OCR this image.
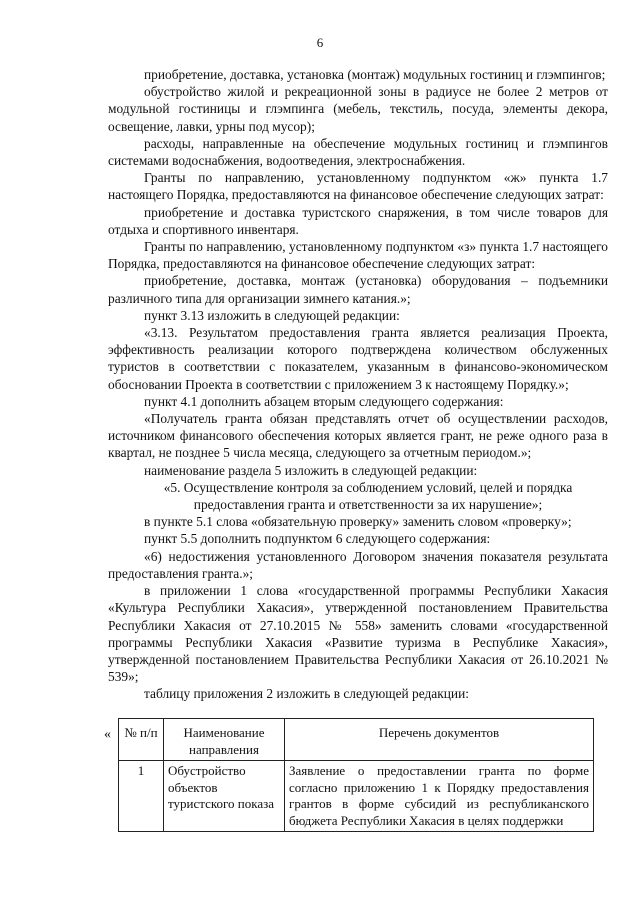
6

приобретение, доставка, установка (монтаж) модульных гостиниц и глэмпингов;

обустройство жилой и рекреационной зоны в радиусе не более 2 метров от модульной гостиницы и глэмпинга (мебель, текстиль, посуда, элементы декора, освещение, лавки, урны под мусор);

расходы, направленные на обеспечение модульных гостиниц и глэмпингов системами водоснабжения, водоотведения, электроснабжения.

Гранты по направлению, установленному подпунктом «ж» пункта 1.7 настоящего Порядка, предоставляются на финансовое обеспечение следующих затрат:

приобретение и доставка туристского снаряжения, в том числе товаров для отдыха и спортивного инвентаря.

Гранты по направлению, установленному подпунктом «з» пункта 1.7 настоящего Порядка, предоставляются на финансовое обеспечение следующих затрат:

приобретение, доставка, монтаж (установка) оборудования – подъемники различного типа для организации зимнего катания.»;

пункт 3.13 изложить в следующей редакции:

«3.13. Результатом предоставления гранта является реализация Проекта, эффективность реализации которого подтверждена количеством обслуженных туристов в соответствии с показателем, указанным в финансово-экономическом обосновании Проекта в соответствии с приложением 3 к настоящему Порядку.»;

пункт 4.1 дополнить абзацем вторым следующего содержания:

«Получатель гранта обязан представлять отчет об осуществлении расходов, источником финансового обеспечения которых является грант, не реже одного раза в квартал, не позднее 5 числа месяца, следующего за отчетным периодом.»;

наименование раздела 5 изложить в следующей редакции:

«5. Осуществление контроля за соблюдением условий, целей и порядка предоставления гранта и ответственности за их нарушение»;

в пункте 5.1 слова «обязательную проверку» заменить словом «проверку»;

пункт 5.5 дополнить подпунктом 6 следующего содержания:

«6) недостижения установленного Договором значения показателя результата предоставления гранта.»;

в приложении 1 слова «государственной программы Республики Хакасия «Культура Республики Хакасия», утвержденной постановлением Правительства Республики Хакасия от 27.10.2015 № 558» заменить словами «государственной программы Республики Хакасия «Развитие туризма в Республике Хакасия», утвержденной постановлением Правительства Республики Хакасия от 26.10.2021 № 539»;

таблицу приложения 2 изложить в следующей редакции:

« № п/п	Наименование направления	Перечень документов
1	Обустройство объектов туристского показа	Заявление о предоставлении гранта по форме согласно приложению 1 к Порядку предоставления грантов в форме субсидий из республиканского бюджета Республики Хакасия в целях поддержки
